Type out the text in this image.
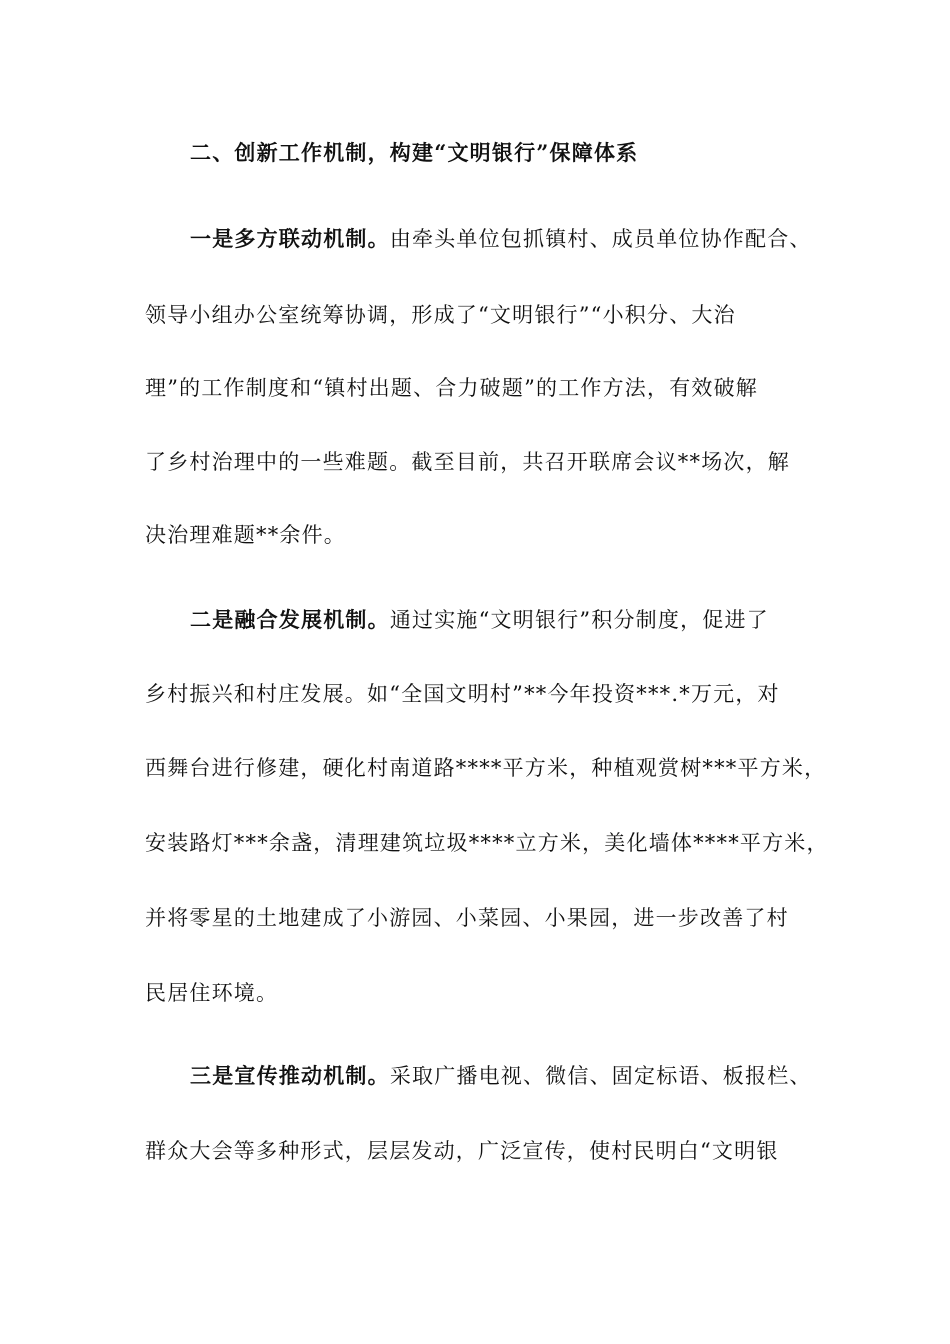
二、创新工作机制，构建“文明银行”保障体系
一是多方联动机制。由牵头单位包抓镇村、成员单位协作配合、
领导小组办公室统筹协调，形成了“文明银行”“小积分、大治
理”的工作制度和“镇村出题、合力破题”的工作方法，有效破解
了乡村治理中的一些难题。截至目前，共召开联席会议**场次，解
决治理难题**余件。
二是融合发展机制。通过实施“文明银行”积分制度，促进了
乡村振兴和村庄发展。如“全国文明村”**今年投资***.*万元，对
西舞台进行修建，硬化村南道路****平方米，种植观赏树***平方米，
安装路灯***余盏，清理建筑垃圾****立方米，美化墙体****平方米，
并将零星的土地建成了小游园、小菜园、小果园，进一步改善了村
民居住环境。
三是宣传推动机制。采取广播电视、微信、固定标语、板报栏、
群众大会等多种形式，层层发动，广泛宣传，使村民明白“文明银
